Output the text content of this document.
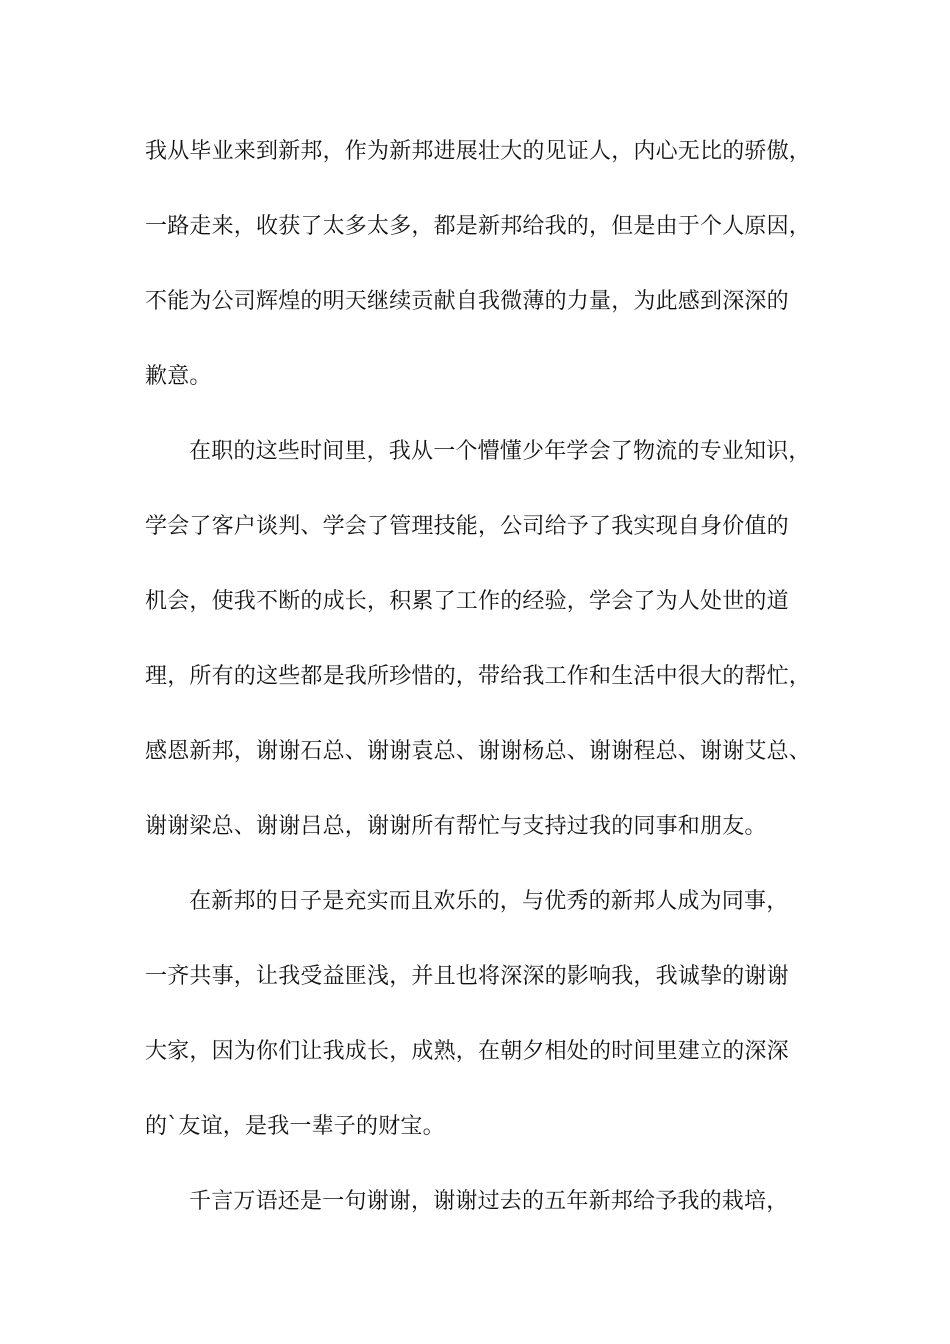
我从毕业来到新邦，作为新邦进展壮大的见证人，内心无比的骄傲，
一路走来，收获了太多太多，都是新邦给我的，但是由于个人原因，
不能为公司辉煌的明天继续贡献自我微薄的力量，为此感到深深的
歉意。
在职的这些时间里，我从一个懵懂少年学会了物流的专业知识，
学会了客户谈判、学会了管理技能，公司给予了我实现自身价值的
机会，使我不断的成长，积累了工作的经验，学会了为人处世的道
理，所有的这些都是我所珍惜的，带给我工作和生活中很大的帮忙，
感恩新邦，谢谢石总、谢谢袁总、谢谢杨总、谢谢程总、谢谢艾总、
谢谢梁总、谢谢吕总，谢谢所有帮忙与支持过我的同事和朋友。
在新邦的日子是充实而且欢乐的，与优秀的新邦人成为同事，
一齐共事，让我受益匪浅，并且也将深深的影响我，我诚挚的谢谢
大家，因为你们让我成长，成熟，在朝夕相处的时间里建立的深深
的`友谊，是我一辈子的财宝。
千言万语还是一句谢谢，谢谢过去的五年新邦给予我的栽培，
